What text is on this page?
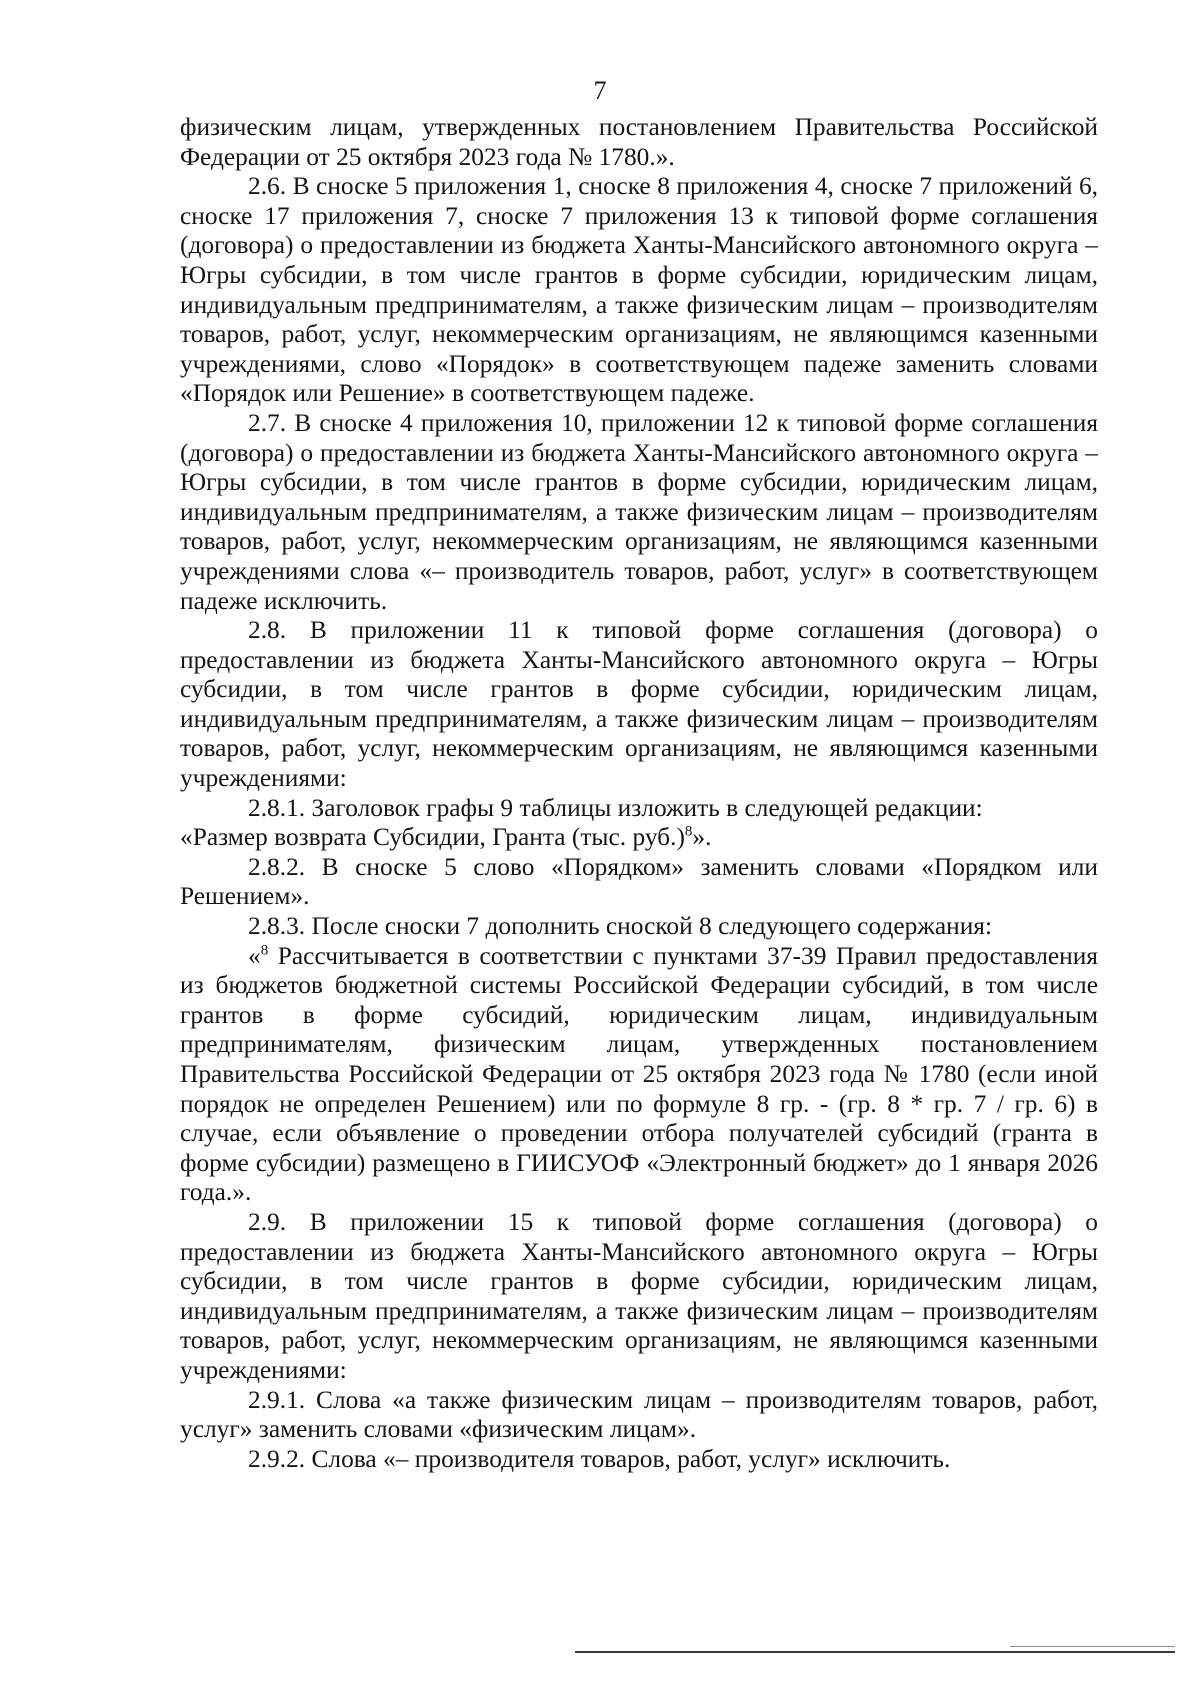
7

физическим лицам, утвержденных постановлением Правительства Российской Федерации от 25 октября 2023 года № 1780.».

2.6. В сноске 5 приложения 1, сноске 8 приложения 4, сноске 7 приложений 6, сноске 17 приложения 7, сноске 7 приложения 13 к типовой форме соглашения (договора) о предоставлении из бюджета Ханты-Мансийского автономного округа – Югры субсидии, в том числе грантов в форме субсидии, юридическим лицам, индивидуальным предпринимателям, а также физическим лицам – производителям товаров, работ, услуг, некоммерческим организациям, не являющимся казенными учреждениями, слово «Порядок» в соответствующем падеже заменить словами «Порядок или Решение» в соответствующем падеже.

2.7. В сноске 4 приложения 10, приложении 12 к типовой форме соглашения (договора) о предоставлении из бюджета Ханты-Мансийского автономного округа – Югры субсидии, в том числе грантов в форме субсидии, юридическим лицам, индивидуальным предпринимателям, а также физическим лицам – производителям товаров, работ, услуг, некоммерческим организациям, не являющимся казенными учреждениями слова «– производитель товаров, работ, услуг» в соответствующем падеже исключить.

2.8. В приложении 11 к типовой форме соглашения (договора) о предоставлении из бюджета Ханты-Мансийского автономного округа – Югры субсидии, в том числе грантов в форме субсидии, юридическим лицам, индивидуальным предпринимателям, а также физическим лицам – производителям товаров, работ, услуг, некоммерческим организациям, не являющимся казенными учреждениями:

2.8.1. Заголовок графы 9 таблицы изложить в следующей редакции:

«Размер возврата Субсидии, Гранта (тыс. руб.)$^8$».

2.8.2. В сноске 5 слово «Порядком» заменить словами «Порядком или Решением».

2.8.3. После сноски 7 дополнить сноской 8 следующего содержания:

«$^8$ Рассчитывается в соответствии с пунктами 37-39 Правил предоставления из бюджетов бюджетной системы Российской Федерации субсидий, в том числе грантов в форме субсидий, юридическим лицам, индивидуальным предпринимателям, физическим лицам, утвержденных постановлением Правительства Российской Федерации от 25 октября 2023 года № 1780 (если иной порядок не определен Решением) или по формуле 8 гр. - (гр. 8 * гр. 7 / гр. 6) в случае, если объявление о проведении отбора получателей субсидий (гранта в форме субсидии) размещено в ГИИСУОФ «Электронный бюджет» до 1 января 2026 года.».

2.9. В приложении 15 к типовой форме соглашения (договора) о предоставлении из бюджета Ханты-Мансийского автономного округа – Югры субсидии, в том числе грантов в форме субсидии, юридическим лицам, индивидуальным предпринимателям, а также физическим лицам – производителям товаров, работ, услуг, некоммерческим организациям, не являющимся казенными учреждениями:

2.9.1. Слова «а также физическим лицам – производителям товаров, работ, услуг» заменить словами «физическим лицам».

2.9.2. Слова «– производителя товаров, работ, услуг» исключить.
